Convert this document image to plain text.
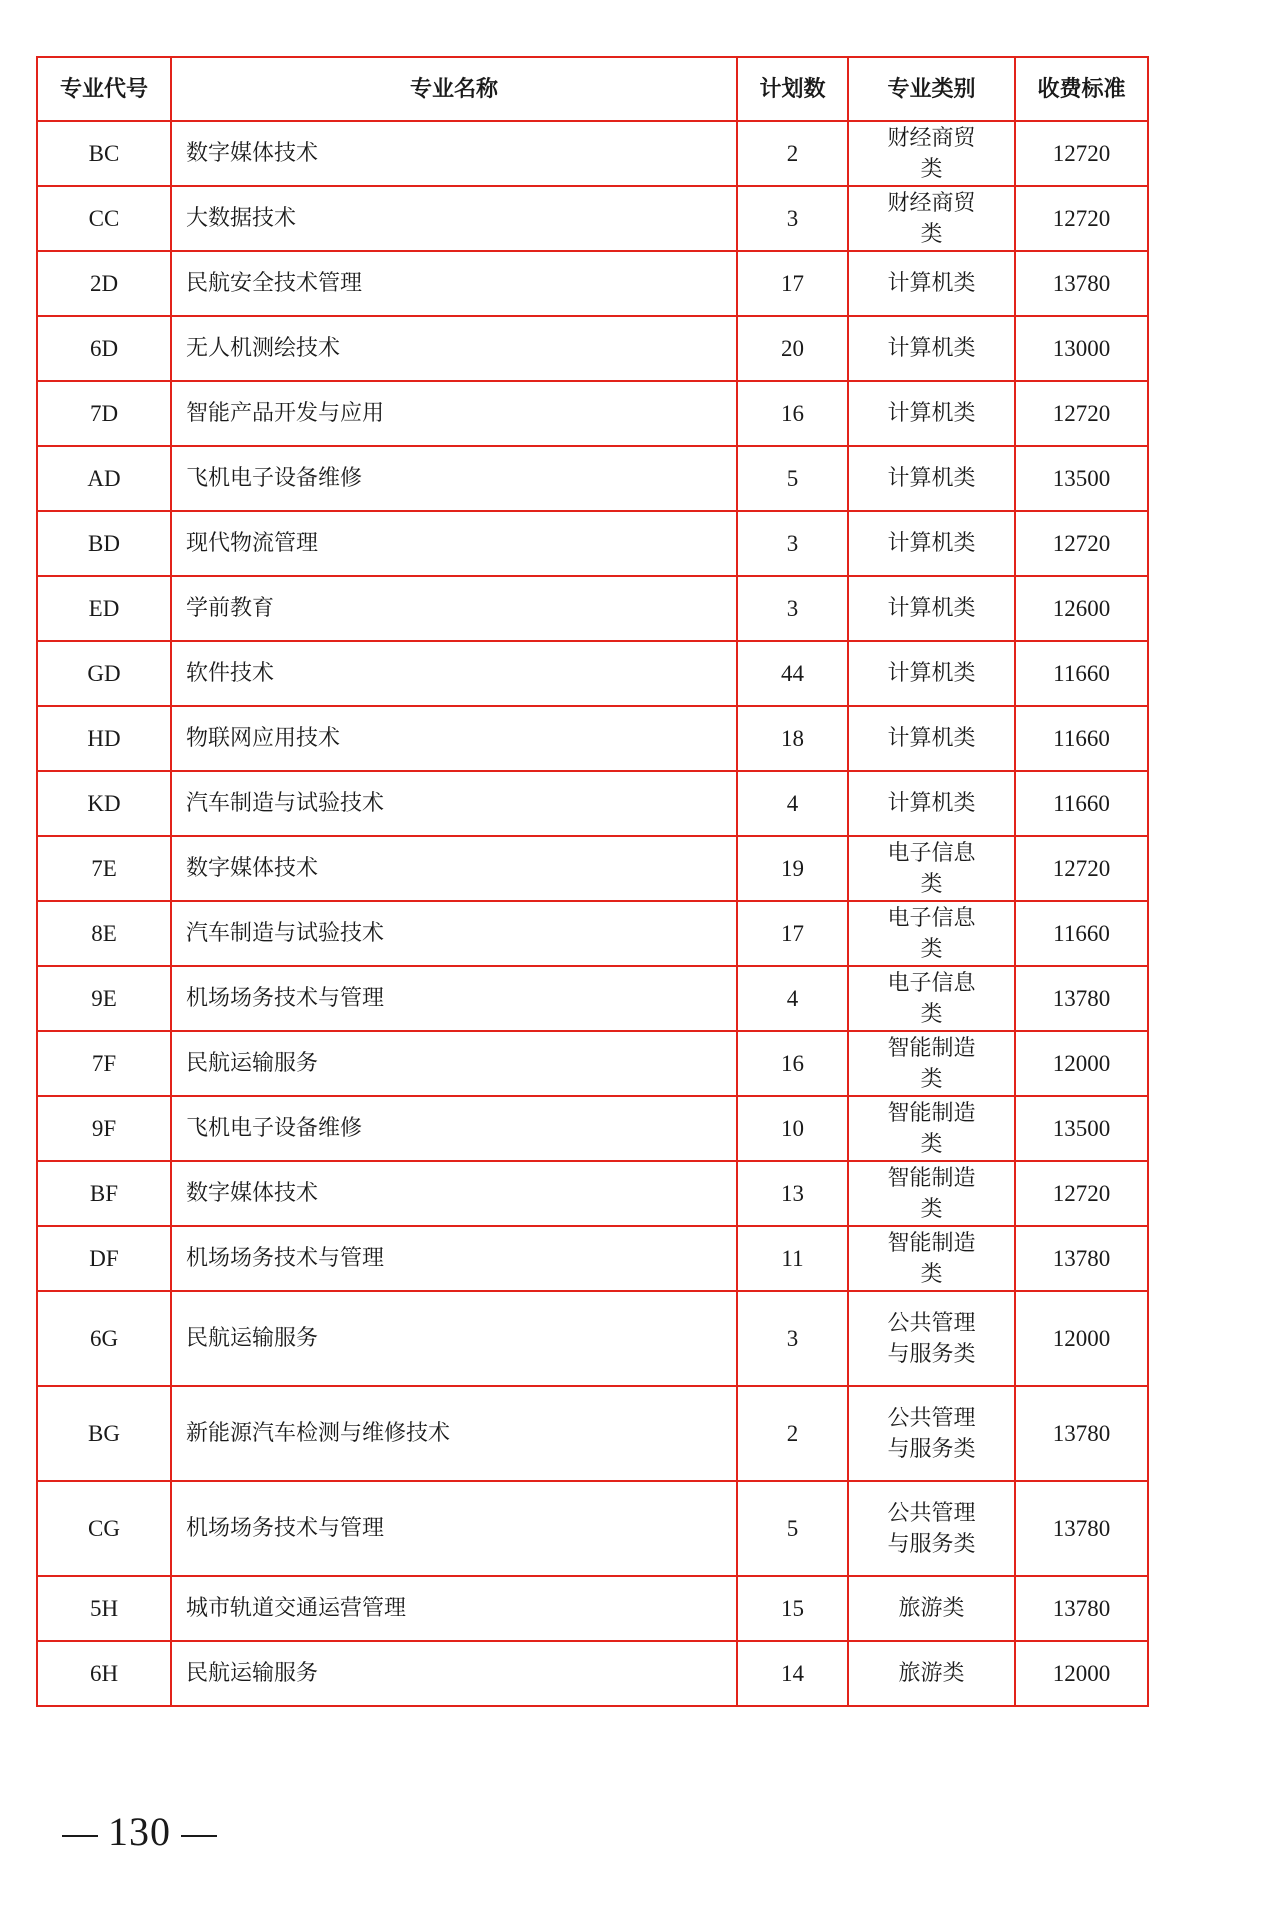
专业代号	专业名称	计划数	专业类别	收费标准
BC	数字媒体技术	2	财经商贸类	12720
CC	大数据技术	3	财经商贸类	12720
2D	民航安全技术管理	17	计算机类	13780
6D	无人机测绘技术	20	计算机类	13000
7D	智能产品开发与应用	16	计算机类	12720
AD	飞机电子设备维修	5	计算机类	13500
BD	现代物流管理	3	计算机类	12720
ED	学前教育	3	计算机类	12600
GD	软件技术	44	计算机类	11660
HD	物联网应用技术	18	计算机类	11660
KD	汽车制造与试验技术	4	计算机类	11660
7E	数字媒体技术	19	电子信息类	12720
8E	汽车制造与试验技术	17	电子信息类	11660
9E	机场场务技术与管理	4	电子信息类	13780
7F	民航运输服务	16	智能制造类	12000
9F	飞机电子设备维修	10	智能制造类	13500
BF	数字媒体技术	13	智能制造类	12720
DF	机场场务技术与管理	11	智能制造类	13780
6G	民航运输服务	3	公共管理与服务类	12000
BG	新能源汽车检测与维修技术	2	公共管理与服务类	13780
CG	机场场务技术与管理	5	公共管理与服务类	13780
5H	城市轨道交通运营管理	15	旅游类	13780
6H	民航运输服务	14	旅游类	12000
130
